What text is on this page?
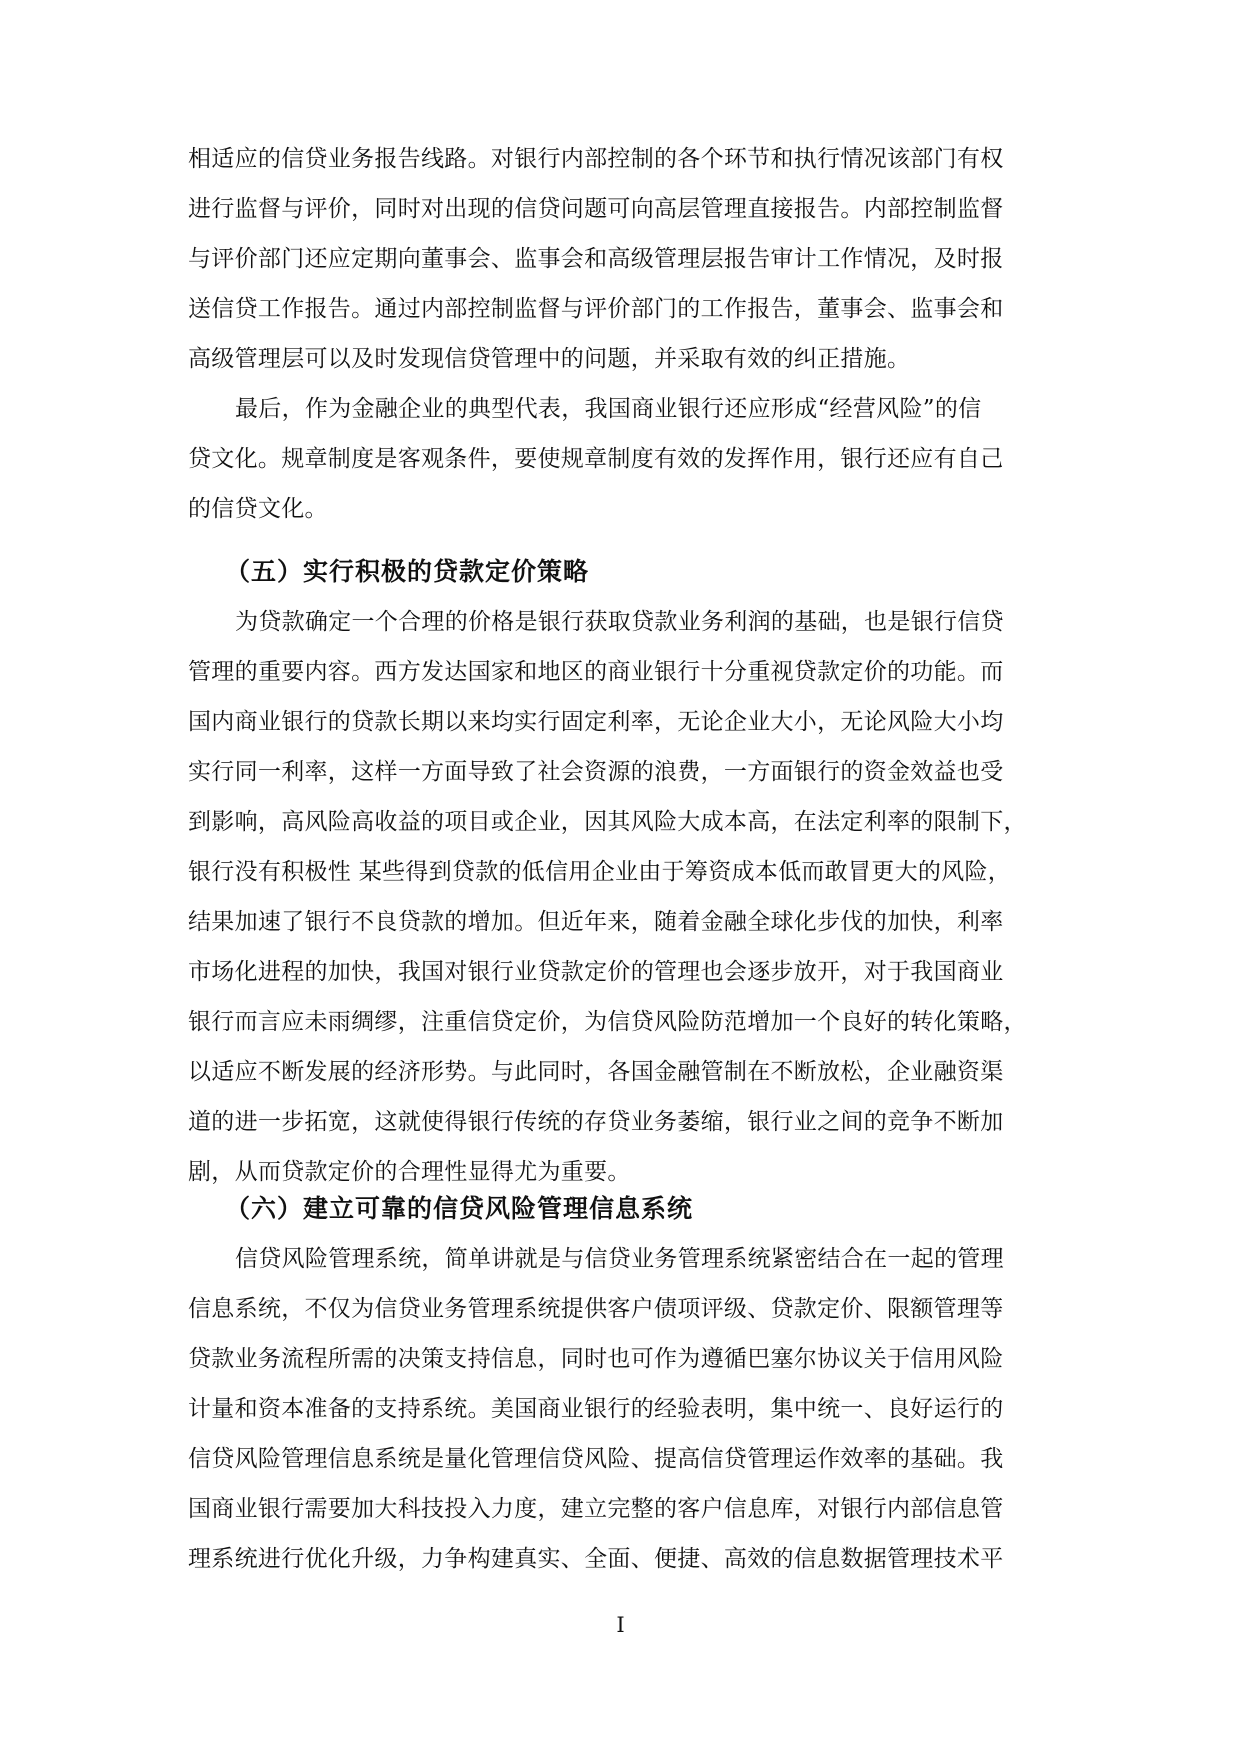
相适应的信贷业务报告线路。对银行内部控制的各个环节和执行情况该部门有权
进行监督与评价，同时对出现的信贷问题可向高层管理直接报告。内部控制监督
与评价部门还应定期向董事会、监事会和高级管理层报告审计工作情况，及时报
送信贷工作报告。通过内部控制监督与评价部门的工作报告，董事会、监事会和
高级管理层可以及时发现信贷管理中的问题，并采取有效的纠正措施。
最后，作为金融企业的典型代表，我国商业银行还应形成“经营风险”的信
贷文化。规章制度是客观条件，要使规章制度有效的发挥作用，银行还应有自己
的信贷文化。
（五）实行积极的贷款定价策略
为贷款确定一个合理的价格是银行获取贷款业务利润的基础，也是银行信贷
管理的重要内容。西方发达国家和地区的商业银行十分重视贷款定价的功能。而
国内商业银行的贷款长期以来均实行固定利率，无论企业大小，无论风险大小均
实行同一利率，这样一方面导致了社会资源的浪费，一方面银行的资金效益也受
到影响，高风险高收益的项目或企业，因其风险大成本高，在法定利率的限制下，
银行没有积极性 某些得到贷款的低信用企业由于筹资成本低而敢冒更大的风险，
结果加速了银行不良贷款的增加。但近年来，随着金融全球化步伐的加快，利率
市场化进程的加快，我国对银行业贷款定价的管理也会逐步放开，对于我国商业
银行而言应未雨绸缪，注重信贷定价，为信贷风险防范增加一个良好的转化策略，
以适应不断发展的经济形势。与此同时，各国金融管制在不断放松，企业融资渠
道的进一步拓宽，这就使得银行传统的存贷业务萎缩，银行业之间的竞争不断加
剧，从而贷款定价的合理性显得尤为重要。
（六）建立可靠的信贷风险管理信息系统
信贷风险管理系统，简单讲就是与信贷业务管理系统紧密结合在一起的管理
信息系统，不仅为信贷业务管理系统提供客户债项评级、贷款定价、限额管理等
贷款业务流程所需的决策支持信息，同时也可作为遵循巴塞尔协议关于信用风险
计量和资本准备的支持系统。美国商业银行的经验表明，集中统一、良好运行的
信贷风险管理信息系统是量化管理信贷风险、提高信贷管理运作效率的基础。我
国商业银行需要加大科技投入力度，建立完整的客户信息库，对银行内部信息管
理系统进行优化升级，力争构建真实、全面、便捷、高效的信息数据管理技术平
I
